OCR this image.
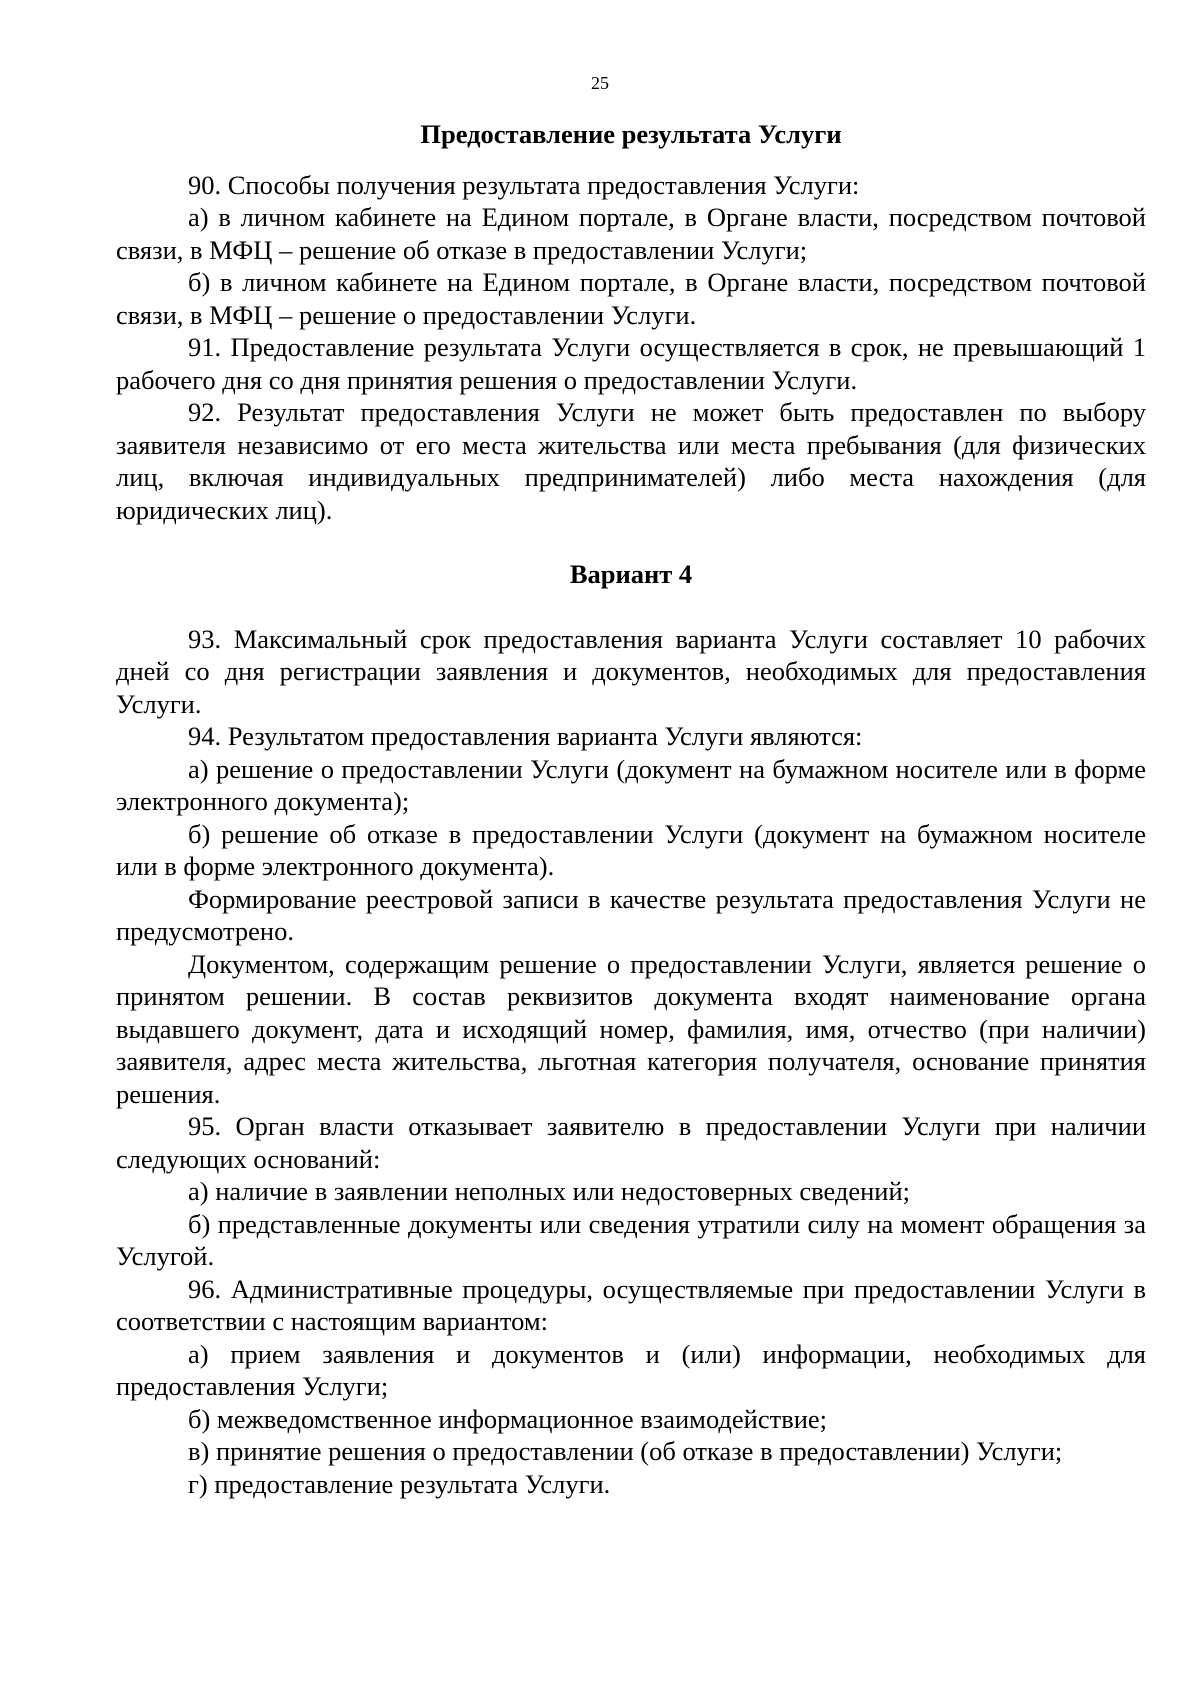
25
Предоставление результата Услуги

90. Способы получения результата предоставления Услуги:

а) в личном кабинете на Едином портале, в Органе власти, посредством почтовой связи, в МФЦ – решение об отказе в предоставлении Услуги;

б) в личном кабинете на Едином портале, в Органе власти, посредством почтовой связи, в МФЦ – решение о предоставлении Услуги.

91. Предоставление результата Услуги осуществляется в срок, не превышающий 1 рабочего дня со дня принятия решения о предоставлении Услуги.

92. Результат предоставления Услуги не может быть предоставлен по выбору заявителя независимо от его места жительства или места пребывания (для физических лиц, включая индивидуальных предпринимателей) либо места нахождения (для юридических лиц).

Вариант 4

93. Максимальный срок предоставления варианта Услуги составляет 10 рабочих дней со дня регистрации заявления и документов, необходимых для предоставления Услуги.

94. Результатом предоставления варианта Услуги являются:

а) решение о предоставлении Услуги (документ на бумажном носителе или в форме электронного документа);

б) решение об отказе в предоставлении Услуги (документ на бумажном носителе или в форме электронного документа).

Формирование реестровой записи в качестве результата предоставления Услуги не предусмотрено.

Документом, содержащим решение о предоставлении Услуги, является решение о принятом решении. В состав реквизитов документа входят наименование органа выдавшего документ, дата и исходящий номер, фамилия, имя, отчество (при наличии) заявителя, адрес места жительства, льготная категория получателя, основание принятия решения.

95. Орган власти отказывает заявителю в предоставлении Услуги при наличии следующих оснований:

а) наличие в заявлении неполных или недостоверных сведений;

б) представленные документы или сведения утратили силу на момент обращения за Услугой.

96. Административные процедуры, осуществляемые при предоставлении Услуги в соответствии с настоящим вариантом:

а) прием заявления и документов и (или) информации, необходимых для предоставления Услуги;

б) межведомственное информационное взаимодействие;

в) принятие решения о предоставлении (об отказе в предоставлении) Услуги;

г) предоставление результата Услуги.
